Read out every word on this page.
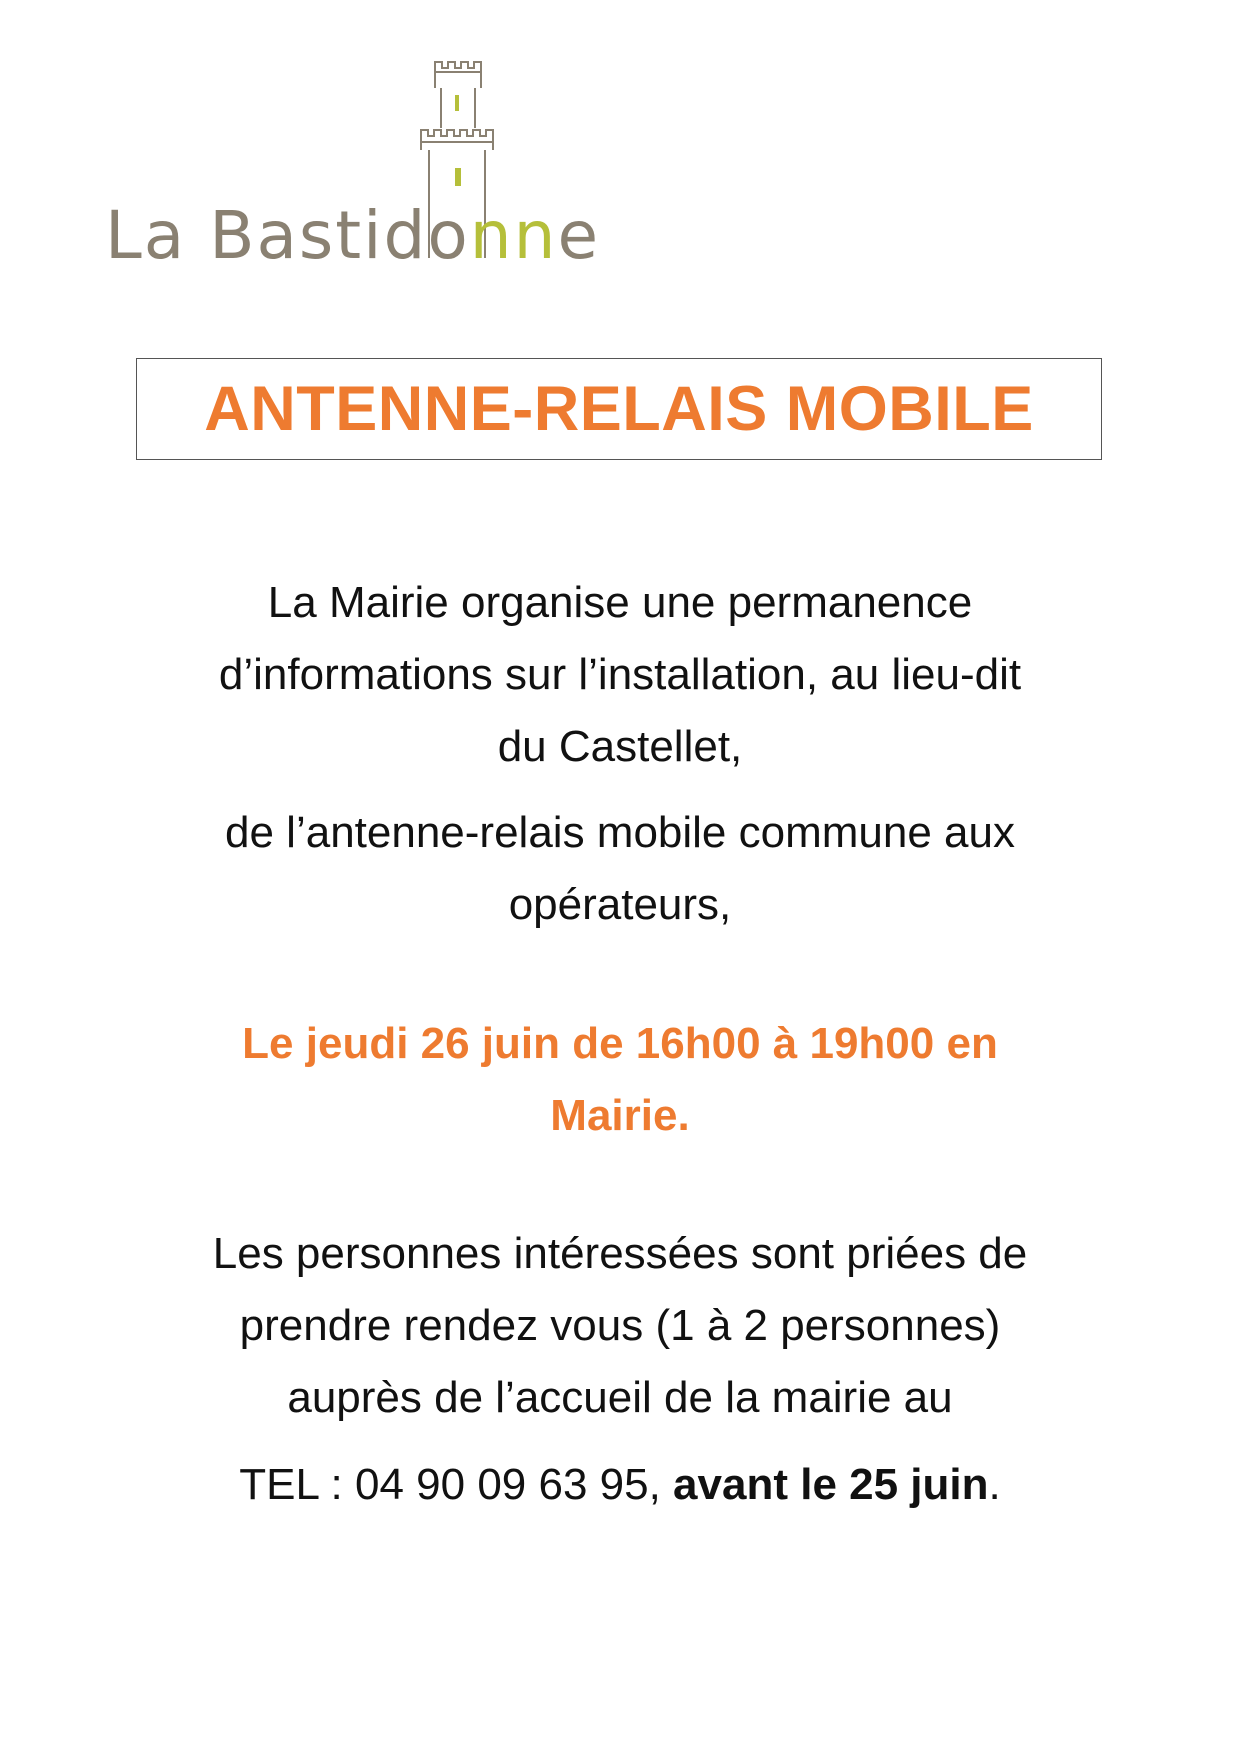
La Bastidonne
ANTENNE-RELAIS MOBILE

La Mairie organise une permanence
d’informations sur l’installation, au lieu-dit
du Castellet,

de l’antenne-relais mobile commune aux
opérateurs,

Le jeudi 26 juin de 16h00 à 19h00 en
Mairie.

Les personnes intéressées sont priées de
prendre rendez vous (1 à 2 personnes)
auprès de l’accueil de la mairie au

TEL : 04 90 09 63 95, avant le 25 juin.
